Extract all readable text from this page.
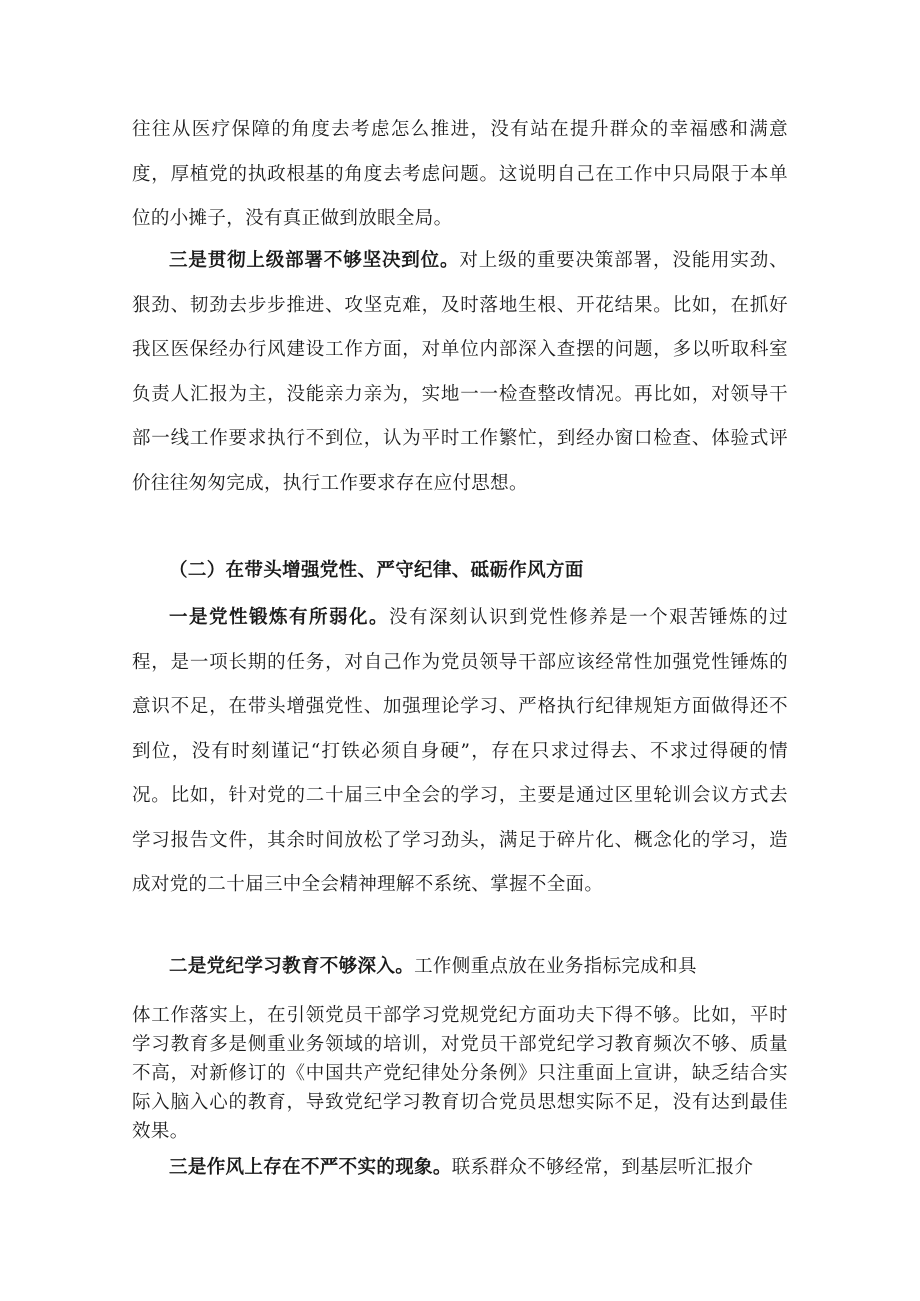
往往从医疗保障的角度去考虑怎么推进，没有站在提升群众的幸福感和满意度，厚植党的执政根基的角度去考虑问题。这说明自己在工作中只局限于本单位的小摊子，没有真正做到放眼全局。

三是贯彻上级部署不够坚决到位。对上级的重要决策部署，没能用实劲、狠劲、韧劲去步步推进、攻坚克难，及时落地生根、开花结果。比如，在抓好我区医保经办行风建设工作方面，对单位内部深入查摆的问题，多以听取科室负责人汇报为主，没能亲力亲为，实地一一检查整改情况。再比如，对领导干部一线工作要求执行不到位，认为平时工作繁忙，到经办窗口检查、体验式评价往往匆匆完成，执行工作要求存在应付思想。

（二）在带头增强党性、严守纪律、砥砺作风方面

一是党性锻炼有所弱化。没有深刻认识到党性修养是一个艰苦锤炼的过程，是一项长期的任务，对自己作为党员领导干部应该经常性加强党性锤炼的意识不足，在带头增强党性、加强理论学习、严格执行纪律规矩方面做得还不到位，没有时刻谨记“打铁必须自身硬”，存在只求过得去、不求过得硬的情况。比如，针对党的二十届三中全会的学习，主要是通过区里轮训会议方式去学习报告文件，其余时间放松了学习劲头，满足于碎片化、概念化的学习，造成对党的二十届三中全会精神理解不系统、掌握不全面。

二是党纪学习教育不够深入。工作侧重点放在业务指标完成和具

体工作落实上，在引领党员干部学习党规党纪方面功夫下得不够。比如，平时学习教育多是侧重业务领域的培训，对党员干部党纪学习教育频次不够、质量不高，对新修订的《中国共产党纪律处分条例》只注重面上宣讲，缺乏结合实际入脑入心的教育，导致党纪学习教育切合党员思想实际不足，没有达到最佳效果。

三是作风上存在不严不实的现象。联系群众不够经常，到基层听汇报介
